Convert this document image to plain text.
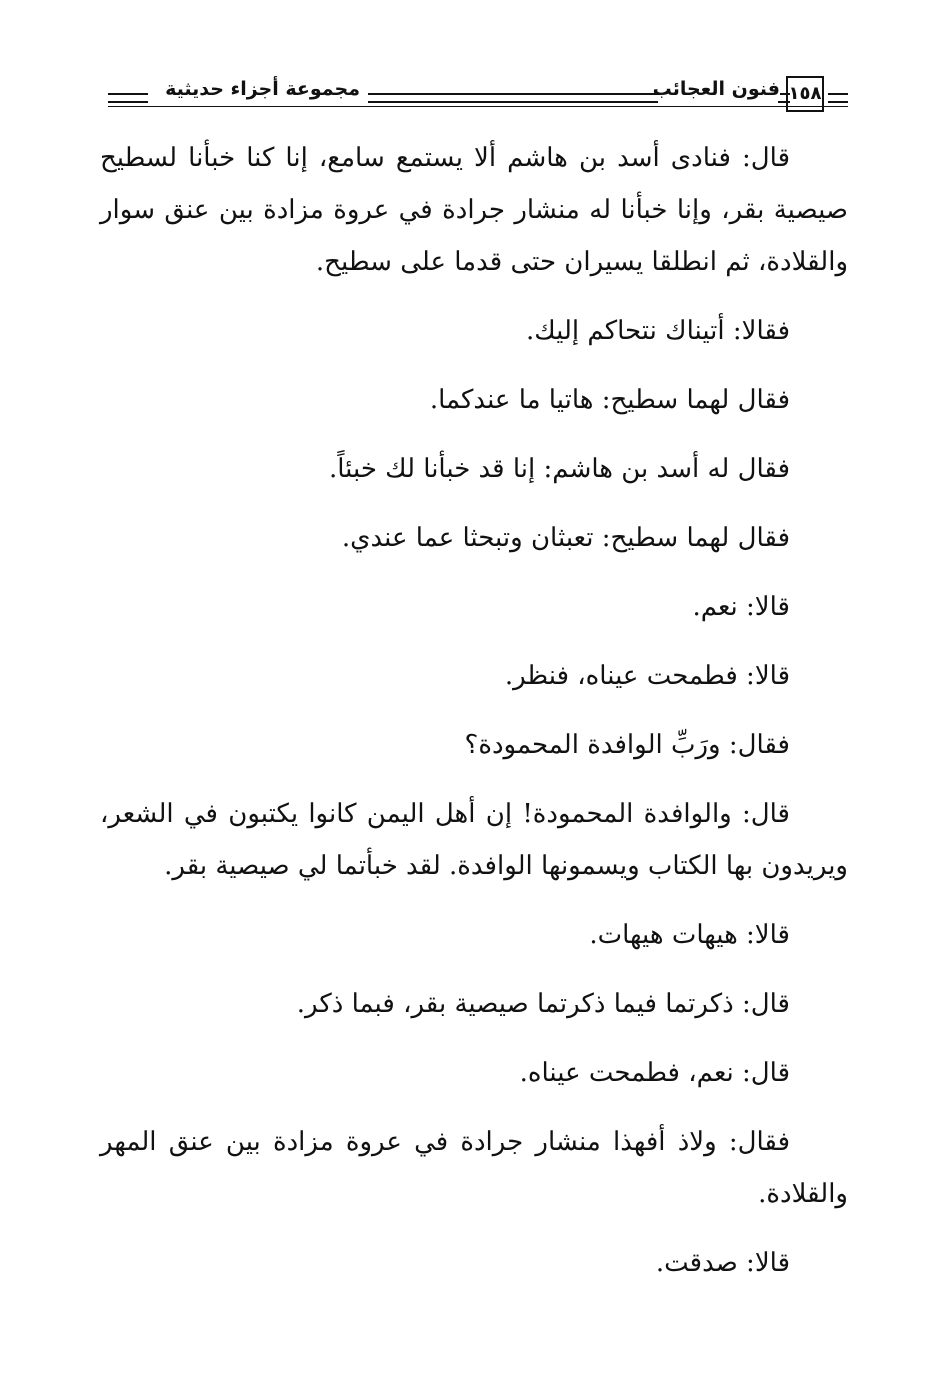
١٥٨
فنون العجائب
مجموعة أجزاء حديثية

قال: فنادى أسد بن هاشم ألا يستمع سامع، إنا كنا خبأنا لسطيح صيصية بقر، وإنا خبأنا له منشار جرادة في عروة مزادة بين عنق سوار والقلادة، ثم انطلقا يسيران حتى قدما على سطيح.

فقالا: أتيناك نتحاكم إليك.

فقال لهما سطيح: هاتيا ما عندكما.

فقال له أسد بن هاشم: إنا قد خبأنا لك خبئاً.

فقال لهما سطيح: تعبثان وتبحثا عما عندي.

قالا: نعم.

قالا: فطمحت عيناه، فنظر.

فقال: ورَبِّ الوافدة المحمودة؟

قال: والوافدة المحمودة! إن أهل اليمن كانوا يكتبون في الشعر، ويريدون بها الكتاب ويسمونها الوافدة. لقد خبأتما لي صيصية بقر.

قالا: هيهات هيهات.

قال: ذكرتما فيما ذكرتما صيصية بقر، فبما ذكر.

قال: نعم، فطمحت عيناه.

فقال: ولاذ أفهذا منشار جرادة في عروة مزادة بين عنق المهر والقلادة.

قالا: صدقت.
